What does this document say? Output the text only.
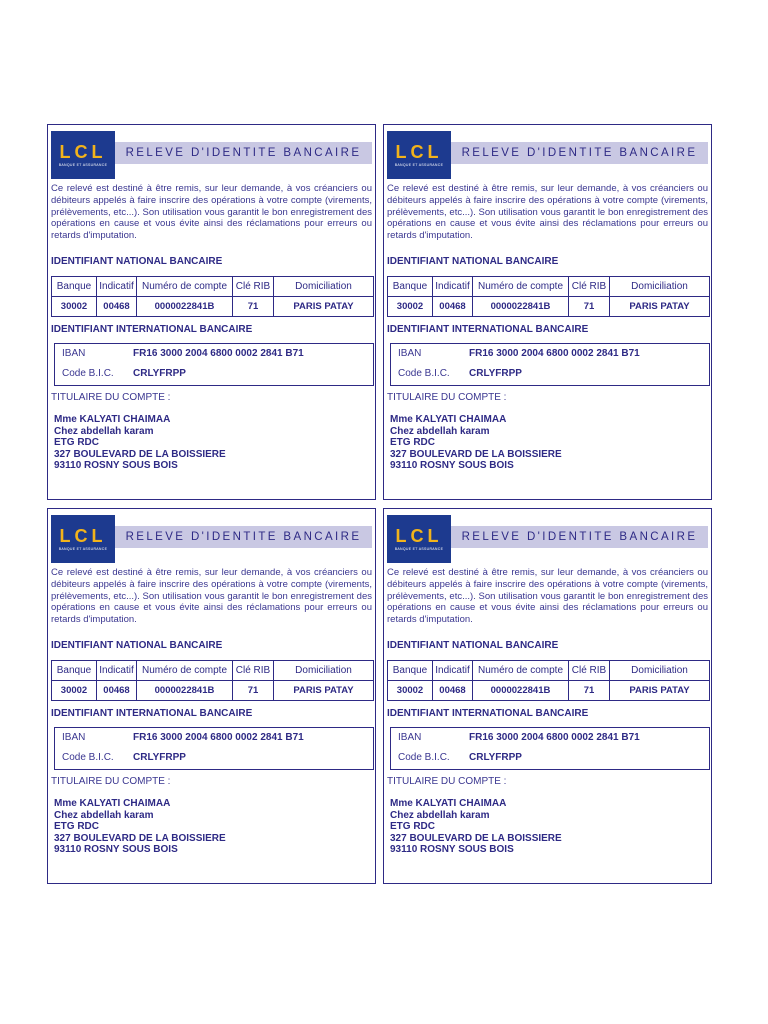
LCL
BANQUE ET ASSURANCE
RELEVE D'IDENTITE BANCAIRE
Ce relevé est destiné à être remis, sur leur demande, à vos créanciers ou débiteurs appelés à faire inscrire des opérations à votre compte (virements, prélèvements, etc...). Son utilisation vous garantit le bon enregistrement des opérations en cause et vous évite ainsi des réclamations pour erreurs ou retards d'imputation.
IDENTIFIANT NATIONAL BANCAIRE
Banque	Indicatif	Numéro de compte	Clé RIB	Domiciliation
30002	00468	0000022841B	71	PARIS PATAY
IDENTIFIANT INTERNATIONAL BANCAIRE
IBAN	FR16 3000 2004 6800 0002 2841 B71
Code B.I.C. CRLYFRPP
TITULAIRE DU COMPTE :
Mme KALYATI CHAIMAA
Chez abdellah karam
ETG RDC
327 BOULEVARD DE LA BOISSIERE
93110 ROSNY SOUS BOIS
LCL
BANQUE ET ASSURANCE
RELEVE D'IDENTITE BANCAIRE
Ce relevé est destiné à être remis, sur leur demande, à vos créanciers ou débiteurs appelés à faire inscrire des opérations à votre compte (virements, prélèvements, etc...). Son utilisation vous garantit le bon enregistrement des opérations en cause et vous évite ainsi des réclamations pour erreurs ou retards d'imputation.
IDENTIFIANT NATIONAL BANCAIRE
Banque	Indicatif	Numéro de compte	Clé RIB	Domiciliation
30002	00468	0000022841B	71	PARIS PATAY
IDENTIFIANT INTERNATIONAL BANCAIRE
IBAN	FR16 3000 2004 6800 0002 2841 B71
Code B.I.C. CRLYFRPP
TITULAIRE DU COMPTE :
Mme KALYATI CHAIMAA
Chez abdellah karam
ETG RDC
327 BOULEVARD DE LA BOISSIERE
93110 ROSNY SOUS BOIS
LCL
BANQUE ET ASSURANCE
RELEVE D'IDENTITE BANCAIRE
Ce relevé est destiné à être remis, sur leur demande, à vos créanciers ou débiteurs appelés à faire inscrire des opérations à votre compte (virements, prélèvements, etc...). Son utilisation vous garantit le bon enregistrement des opérations en cause et vous évite ainsi des réclamations pour erreurs ou retards d'imputation.
IDENTIFIANT NATIONAL BANCAIRE
Banque	Indicatif	Numéro de compte	Clé RIB	Domiciliation
30002	00468	0000022841B	71	PARIS PATAY
IDENTIFIANT INTERNATIONAL BANCAIRE
IBAN	FR16 3000 2004 6800 0002 2841 B71
Code B.I.C. CRLYFRPP
TITULAIRE DU COMPTE :
Mme KALYATI CHAIMAA
Chez abdellah karam
ETG RDC
327 BOULEVARD DE LA BOISSIERE
93110 ROSNY SOUS BOIS
LCL
BANQUE ET ASSURANCE
RELEVE D'IDENTITE BANCAIRE
Ce relevé est destiné à être remis, sur leur demande, à vos créanciers ou débiteurs appelés à faire inscrire des opérations à votre compte (virements, prélèvements, etc...). Son utilisation vous garantit le bon enregistrement des opérations en cause et vous évite ainsi des réclamations pour erreurs ou retards d'imputation.
IDENTIFIANT NATIONAL BANCAIRE
Banque	Indicatif	Numéro de compte	Clé RIB	Domiciliation
30002	00468	0000022841B	71	PARIS PATAY
IDENTIFIANT INTERNATIONAL BANCAIRE
IBAN	FR16 3000 2004 6800 0002 2841 B71
Code B.I.C. CRLYFRPP
TITULAIRE DU COMPTE :
Mme KALYATI CHAIMAA
Chez abdellah karam
ETG RDC
327 BOULEVARD DE LA BOISSIERE
93110 ROSNY SOUS BOIS
